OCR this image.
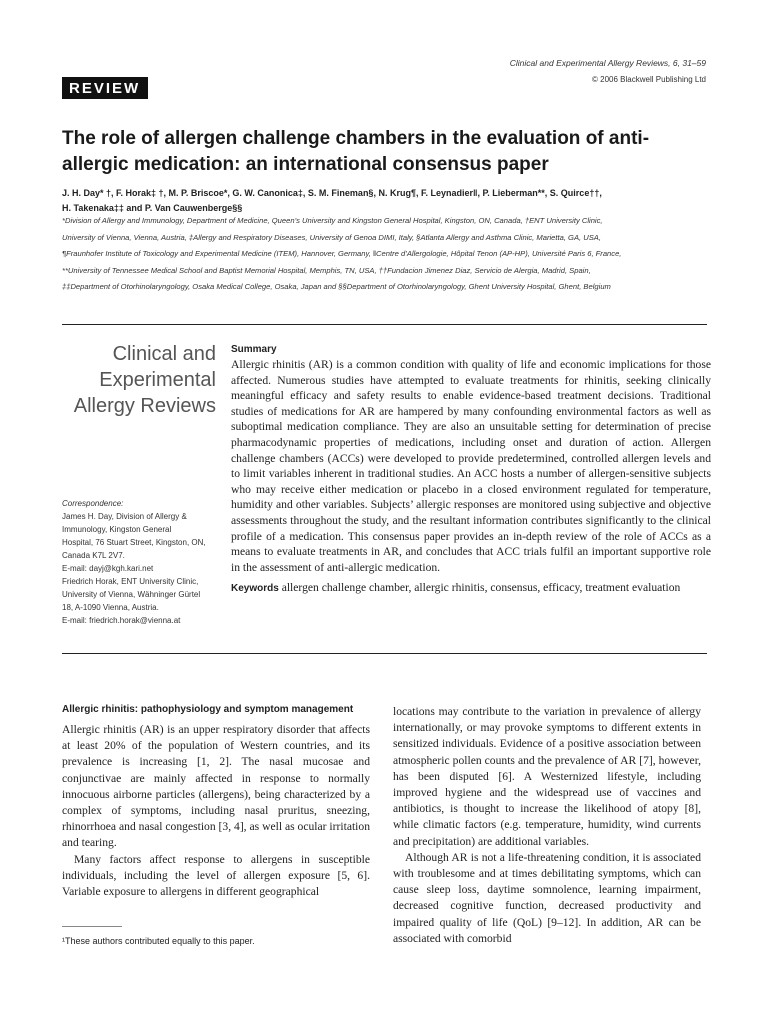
Clinical and Experimental Allergy Reviews, 6, 31–59
© 2006 Blackwell Publishing Ltd
REVIEW
The role of allergen challenge chambers in the evaluation of anti-allergic medication: an international consensus paper
J. H. Day* †, F. Horak‡ †, M. P. Briscoe*, G. W. Canonica‡, S. M. Fineman§, N. Krug¶, F. Leynadier‖, P. Lieberman**, S. Quirce††,
H. Takenaka‡‡ and P. Van Cauwenberge§§
*Division of Allergy and Immunology, Department of Medicine, Queen’s University and Kingston General Hospital, Kingston, ON, Canada, †ENT University Clinic,
University of Vienna, Vienna, Austria, ‡Allergy and Respiratory Diseases, University of Genoa DIMI, Italy, §Atlanta Allergy and Asthma Clinic, Marietta, GA, USA,
¶Fraunhofer Institute of Toxicology and Experimental Medicine (ITEM), Hannover, Germany, ‖Centre d’Allergologie, Hôpital Tenon (AP-HP), Université Paris 6, France,
**University of Tennessee Medical School and Baptist Memorial Hospital, Memphis, TN, USA, ††Fundacion Jimenez Diaz, Servicio de Alergia, Madrid, Spain,
‡‡Department of Otorhinolaryngology, Osaka Medical College, Osaka, Japan and §§Department of Otorhinolaryngology, Ghent University Hospital, Ghent, Belgium
Clinical and
Experimental
Allergy Reviews
Correspondence:
James H. Day, Division of Allergy &
Immunology, Kingston General
Hospital, 76 Stuart Street, Kingston, ON,
Canada K7L 2V7.
E-mail: dayj@kgh.kari.net
Friedrich Horak, ENT University Clinic,
University of Vienna, Wähninger Gürtel
18, A-1090 Vienna, Austria.
E-mail: friedrich.horak@vienna.at
Summary

Allergic rhinitis (AR) is a common condition with quality of life and economic implications for those affected. Numerous studies have attempted to evaluate treatments for rhinitis, seeking clinically meaningful efficacy and safety results to enable evidence-based treatment decisions. Traditional studies of medications for AR are hampered by many confounding environmental factors as well as suboptimal medication compliance. They are also an unsuitable setting for determination of precise pharmacodynamic properties of medications, including onset and duration of action. Allergen challenge chambers (ACCs) were developed to provide predetermined, controlled allergen levels and to limit variables inherent in traditional studies. An ACC hosts a number of allergen-sensitive subjects who may receive either medication or placebo in a closed environment regulated for temperature, humidity and other variables. Subjects’ allergic responses are monitored using subjective and objective assessments throughout the study, and the resultant information contributes significantly to the clinical profile of a medication. This consensus paper provides an in-depth review of the role of ACCs as a means to evaluate treatments in AR, and concludes that ACC trials fulfil an important supportive role in the assessment of anti-allergic medication.

Keywords allergen challenge chamber, allergic rhinitis, consensus, efficacy, treatment evaluation
Allergic rhinitis: pathophysiology and symptom management

Allergic rhinitis (AR) is an upper respiratory disorder that affects at least 20% of the population of Western countries, and its prevalence is increasing [1, 2]. The nasal mucosae and conjunctivae are mainly affected in response to normally innocuous airborne particles (allergens), being characterized by a complex of symptoms, including nasal pruritus, sneezing, rhinorrhoea and nasal congestion [3, 4], as well as ocular irritation and tearing.

Many factors affect response to allergens in susceptible individuals, including the level of allergen exposure [5, 6]. Variable exposure to allergens in different geographical

locations may contribute to the variation in prevalence of allergy internationally, or may provoke symptoms to different extents in sensitized individuals. Evidence of a positive association between atmospheric pollen counts and the prevalence of AR [7], however, has been disputed [6]. A Westernized lifestyle, including improved hygiene and the widespread use of vaccines and antibiotics, is thought to increase the likelihood of atopy [8], while climatic factors (e.g. temperature, humidity, wind currents and precipitation) are additional variables.

Although AR is not a life-threatening condition, it is associated with troublesome and at times debilitating symptoms, which can cause sleep loss, daytime somnolence, learning impairment, decreased cognitive function, decreased productivity and impaired quality of life (QoL) [9–12]. In addition, AR can be associated with comorbid

¹These authors contributed equally to this paper.
